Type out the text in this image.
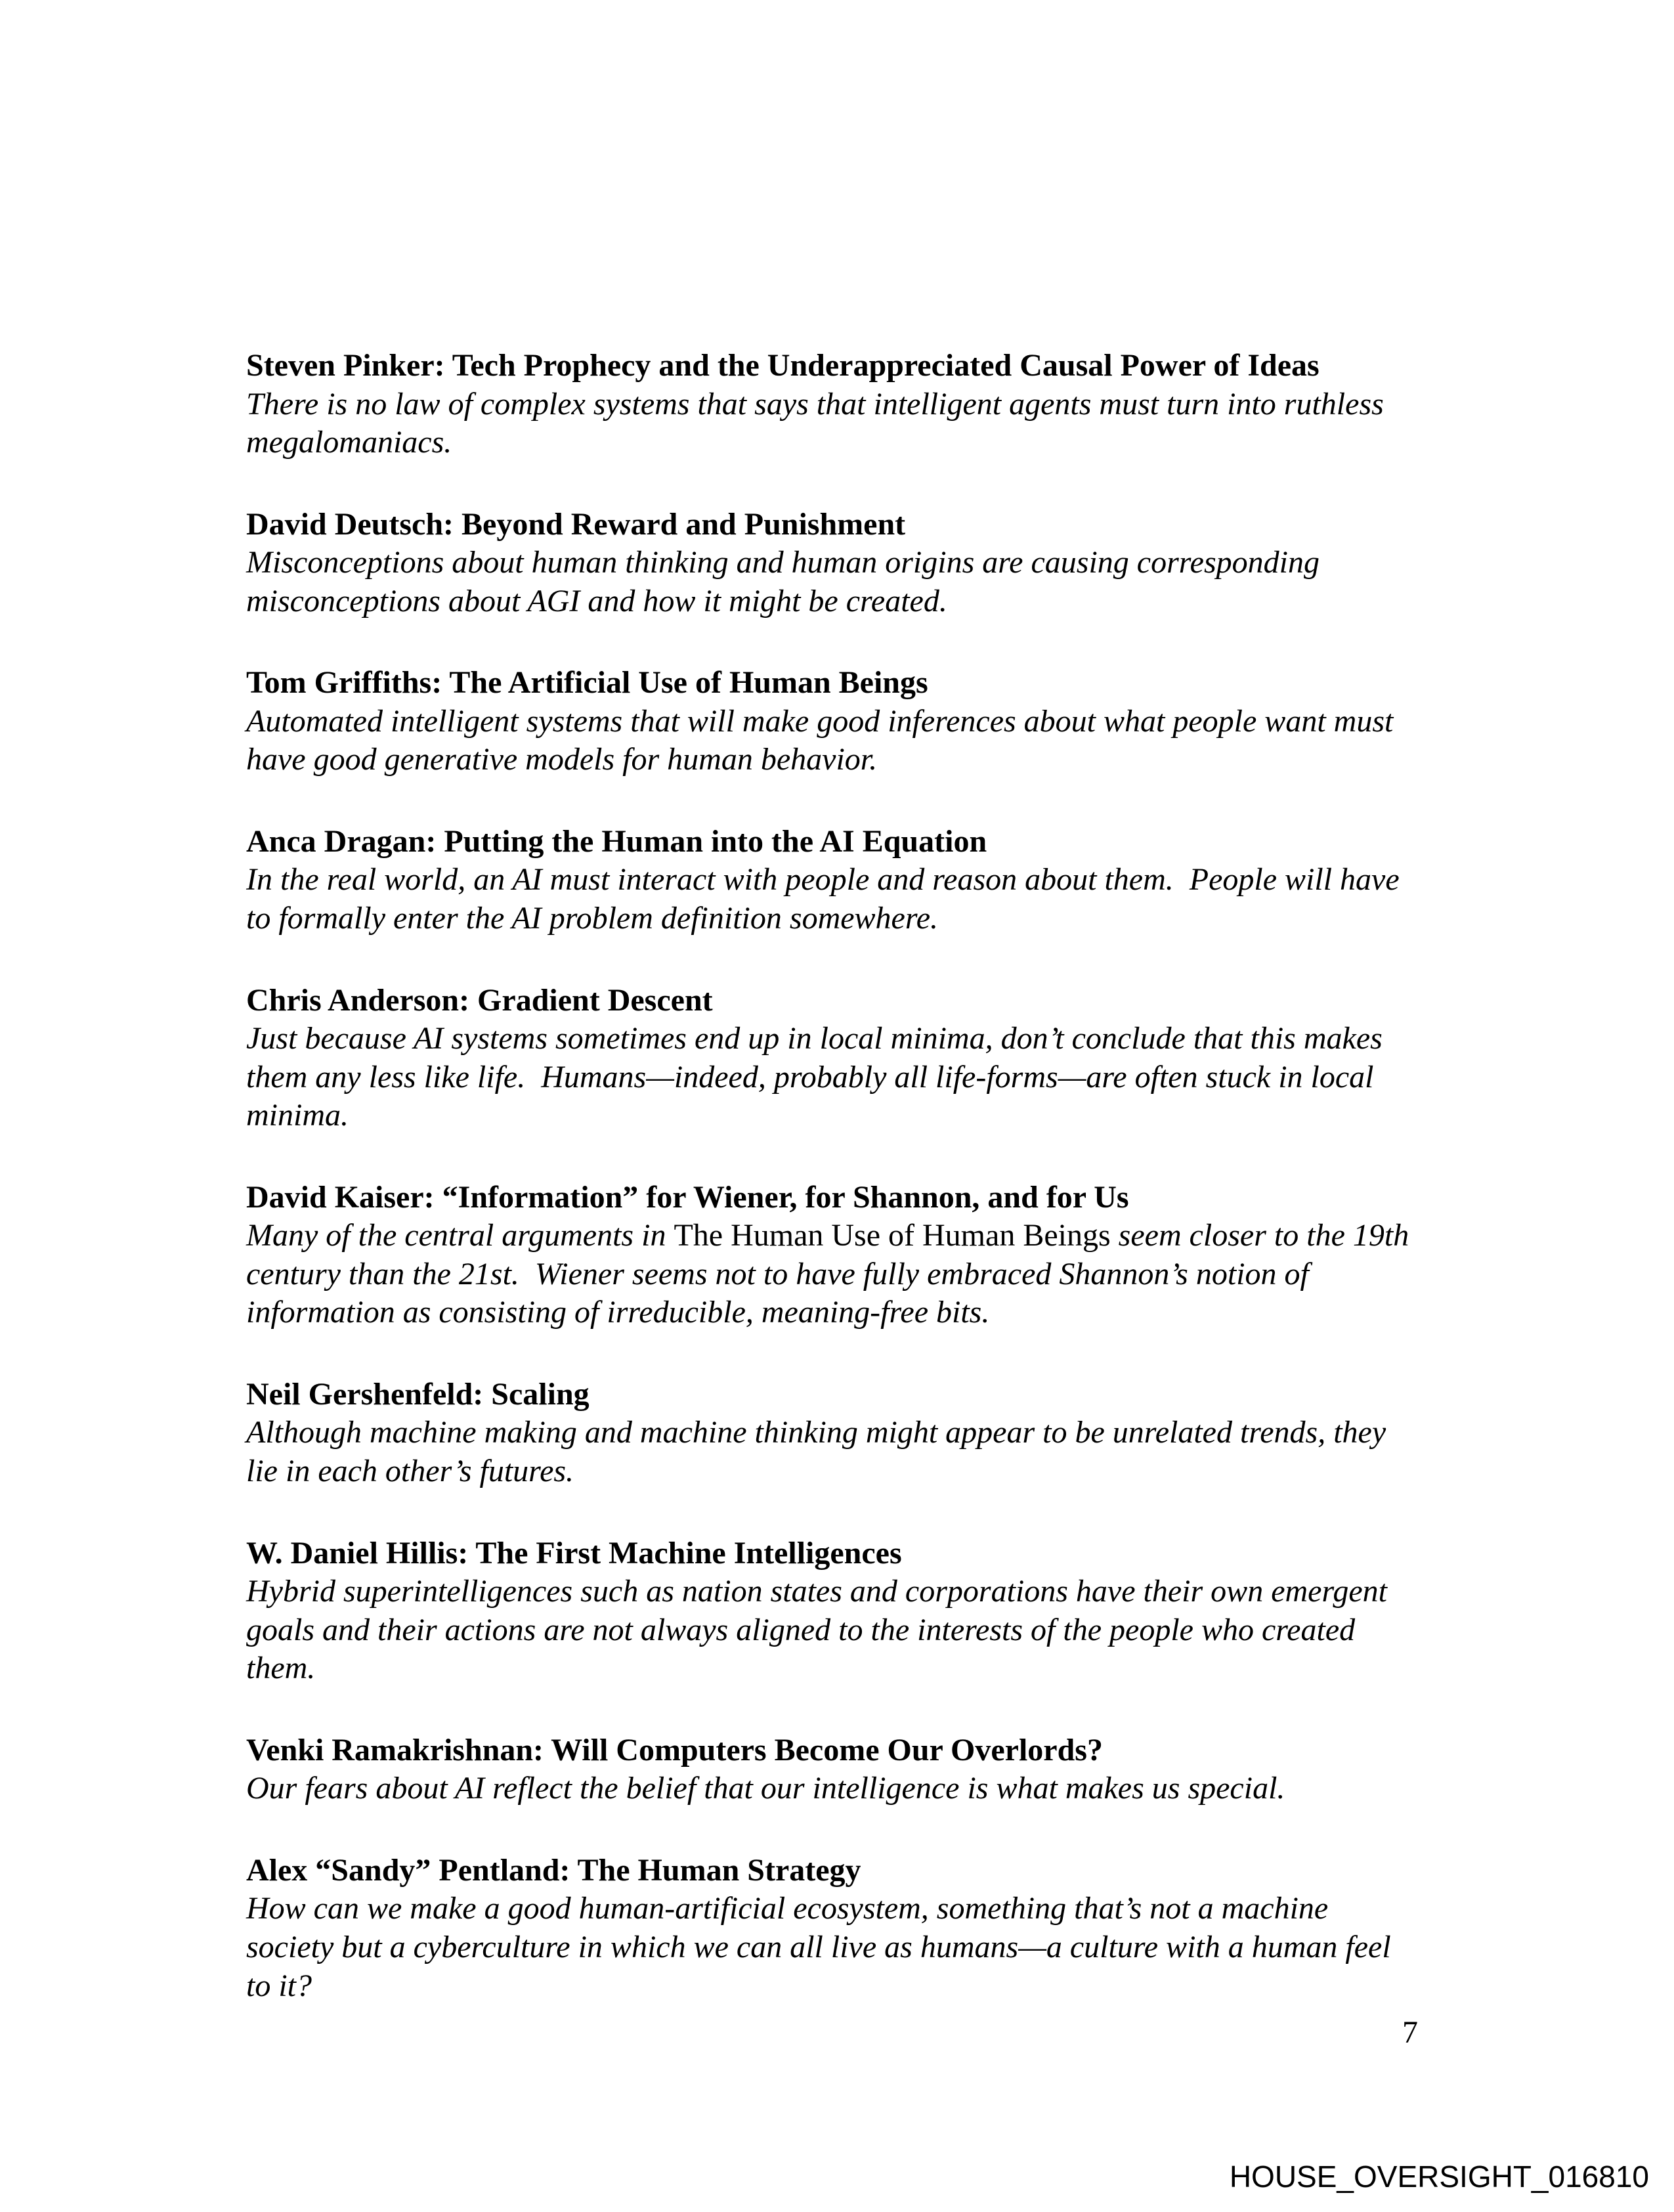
Steven Pinker: Tech Prophecy and the Underappreciated Causal Power of Ideas

There is no law of complex systems that says that intelligent agents must turn into ruthless megalomaniacs.

David Deutsch: Beyond Reward and Punishment

Misconceptions about human thinking and human origins are causing corresponding misconceptions about AGI and how it might be created.

Tom Griffiths: The Artificial Use of Human Beings

Automated intelligent systems that will make good inferences about what people want must have good generative models for human behavior.

Anca Dragan: Putting the Human into the AI Equation

In the real world, an AI must interact with people and reason about them.  People will have to formally enter the AI problem definition somewhere.

Chris Anderson: Gradient Descent

Just because AI systems sometimes end up in local minima, don’t conclude that this makes them any less like life.  Humans—indeed, probably all life-forms—are often stuck in local minima.

David Kaiser: “Information” for Wiener, for Shannon, and for Us

Many of the central arguments in The Human Use of Human Beings seem closer to the 19th century than the 21st.  Wiener seems not to have fully embraced Shannon’s notion of information as consisting of irreducible, meaning-free bits.

Neil Gershenfeld: Scaling

Although machine making and machine thinking might appear to be unrelated trends, they lie in each other’s futures.

W. Daniel Hillis: The First Machine Intelligences

Hybrid superintelligences such as nation states and corporations have their own emergent goals and their actions are not always aligned to the interests of the people who created them.

Venki Ramakrishnan: Will Computers Become Our Overlords?

Our fears about AI reflect the belief that our intelligence is what makes us special.

Alex “Sandy” Pentland: The Human Strategy

How can we make a good human-artificial ecosystem, something that’s not a machine society but a cyberculture in which we can all live as humans—a culture with a human feel to it?

7
HOUSE_OVERSIGHT_016810
